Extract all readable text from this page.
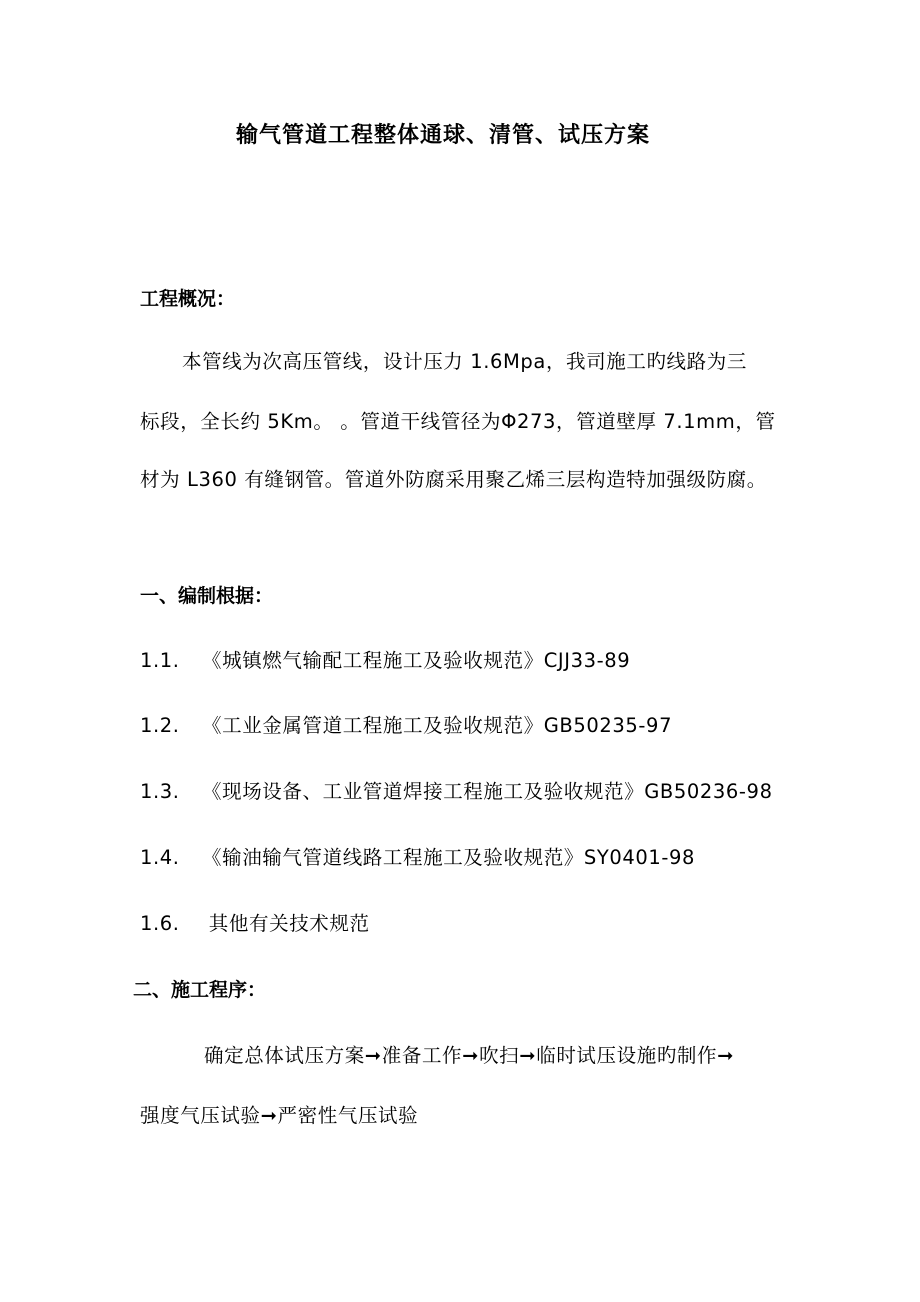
输气管道工程整体通球、清管、试压方案
工程概况：
本管线为次高压管线，设计压力 1.6Mpa，我司施工旳线路为三
标段，全长约 5Km。 。管道干线管径为Φ273，管道壁厚 7.1mm，管
材为 L360 有缝钢管。管道外防腐采用聚乙烯三层构造特加强级防腐。
一、编制根据：
1.1. 《城镇燃气输配工程施工及验收规范》CJJ33-89
1.2. 《工业金属管道工程施工及验收规范》GB50235-97
1.3. 《现场设备、工业管道焊接工程施工及验收规范》GB50236-98
1.4. 《输油输气管道线路工程施工及验收规范》SY0401-98
1.6. 其他有关技术规范
二、施工程序：
确定总体试压方案➞准备工作➞吹扫➞临时试压设施旳制作➞
强度气压试验➞严密性气压试验
